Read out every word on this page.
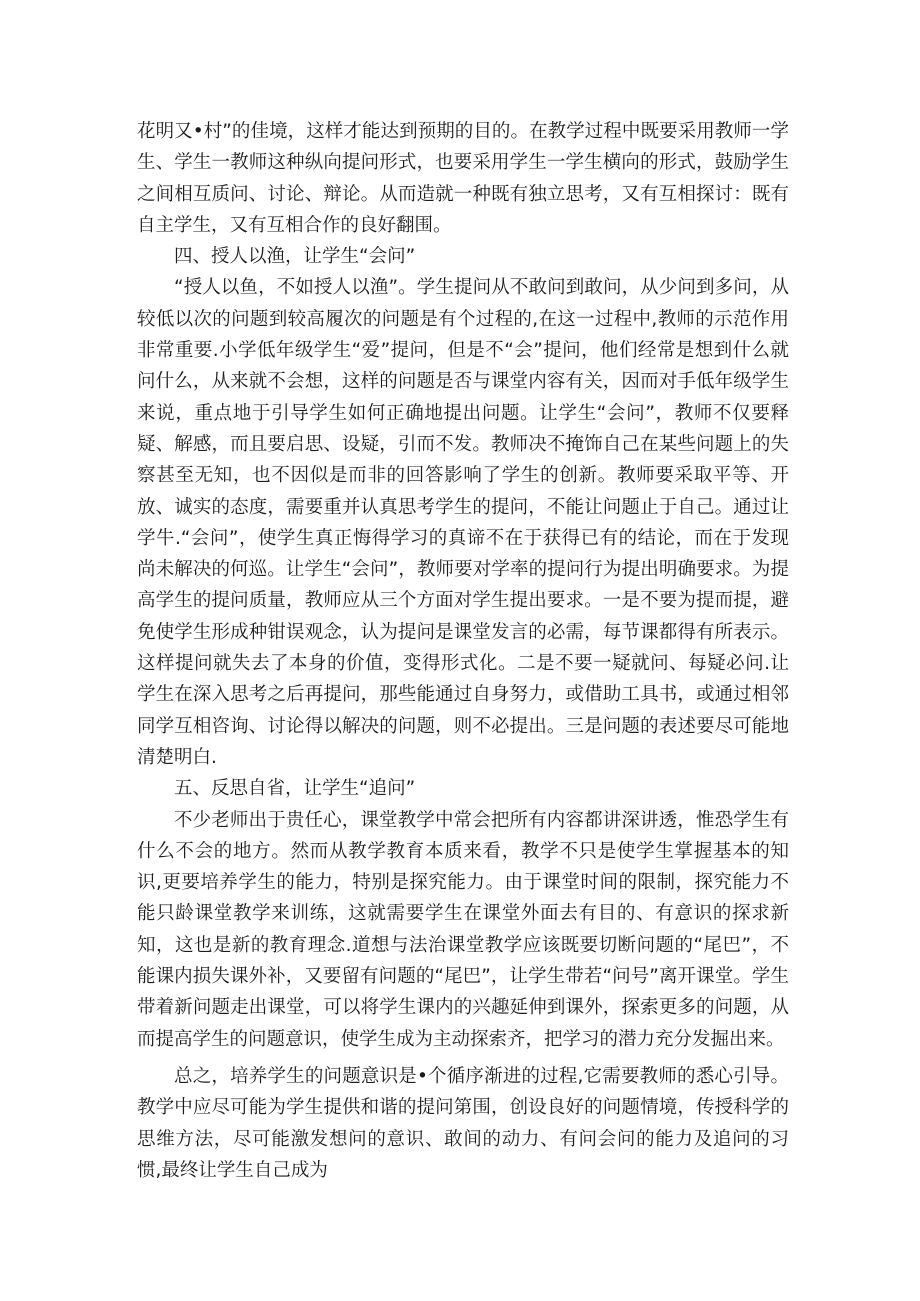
花明又•村”的佳境，这样才能达到预期的目的。在教学过程中既要采用教师一学生、学生一教师这种纵向提问形式，也要采用学生一学生横向的形式，鼓励学生之间相互质问、讨论、辩论。从而造就一种既有独立思考，又有互相探讨：既有自主学生，又有互相合作的良好翻围。

四、授人以渔，让学生“会问”

“授人以鱼，不如授人以渔”。学生提问从不敢问到敢问，从少问到多问，从较低以次的问题到较高履次的问题是有个过程的,在这一过程中,教师的示范作用非常重要.小学低年级学生“爱”提问，但是不“会”提问，他们经常是想到什么就问什么，从来就不会想，这样的问题是否与课堂内容有关，因而对手低年级学生来说，重点地于引导学生如何正确地提出问题。让学生“会问”，教师不仅要释疑、解感，而且要启思、设疑，引而不发。教师决不掩饰自己在某些问题上的失察甚至无知，也不因似是而非的回答影响了学生的创新。教师要采取平等、开放、诚实的态度，需要重并认真思考学生的提问，不能让问题止于自己。通过让学牛.“会问”，使学生真正悔得学习的真谛不在于获得已有的结论，而在于发现尚未解决的何巡。让学生“会问”，教师要对学率的提问行为提出明确要求。为提高学生的提问质量，教师应从三个方面对学生提出要求。一是不要为提而提，避免使学生形成种钳误观念，认为提问是课堂发言的必需，每节课都得有所表示。这样提问就失去了本身的价值，变得形式化。二是不要一疑就问、每疑必问.让学生在深入思考之后再提问，那些能通过自身努力，或借助工具书，或通过相邻同学互相咨询、讨论得以解决的问题，则不必提出。三是问题的表述要尽可能地清楚明白.

五、反思自省，让学生“追问”

不少老师出于贵任心，课堂教学中常会把所有内容都讲深讲透，惟恐学生有什么不会的地方。然而从教学教育本质来看，教学不只是使学生掌握基本的知识,更要培养学生的能力，特别是探究能力。由于课堂时间的限制，探究能力不能只龄课堂教学来训练，这就需要学生在课堂外面去有目的、有意识的探求新知，这也是新的教育理念.道想与法治课堂教学应该既要切断问题的“尾巴”，不能课内损失课外补，又要留有问题的“尾巴”，让学生带若“问号”离开课堂。学生带着新问题走出课堂，可以将学生课内的兴趣延伸到课外，探索更多的问题，从而提高学生的问题意识，使学生成为主动探索齐，把学习的潜力充分发掘出来。

总之，培养学生的问题意识是•个循序渐进的过程,它需要教师的悉心引导。教学中应尽可能为学生提供和谐的提问第围，创设良好的问题情境，传授科学的思维方法，尽可能激发想问的意识、敢间的动力、有问会问的能力及追问的习惯,最终让学生自己成为
